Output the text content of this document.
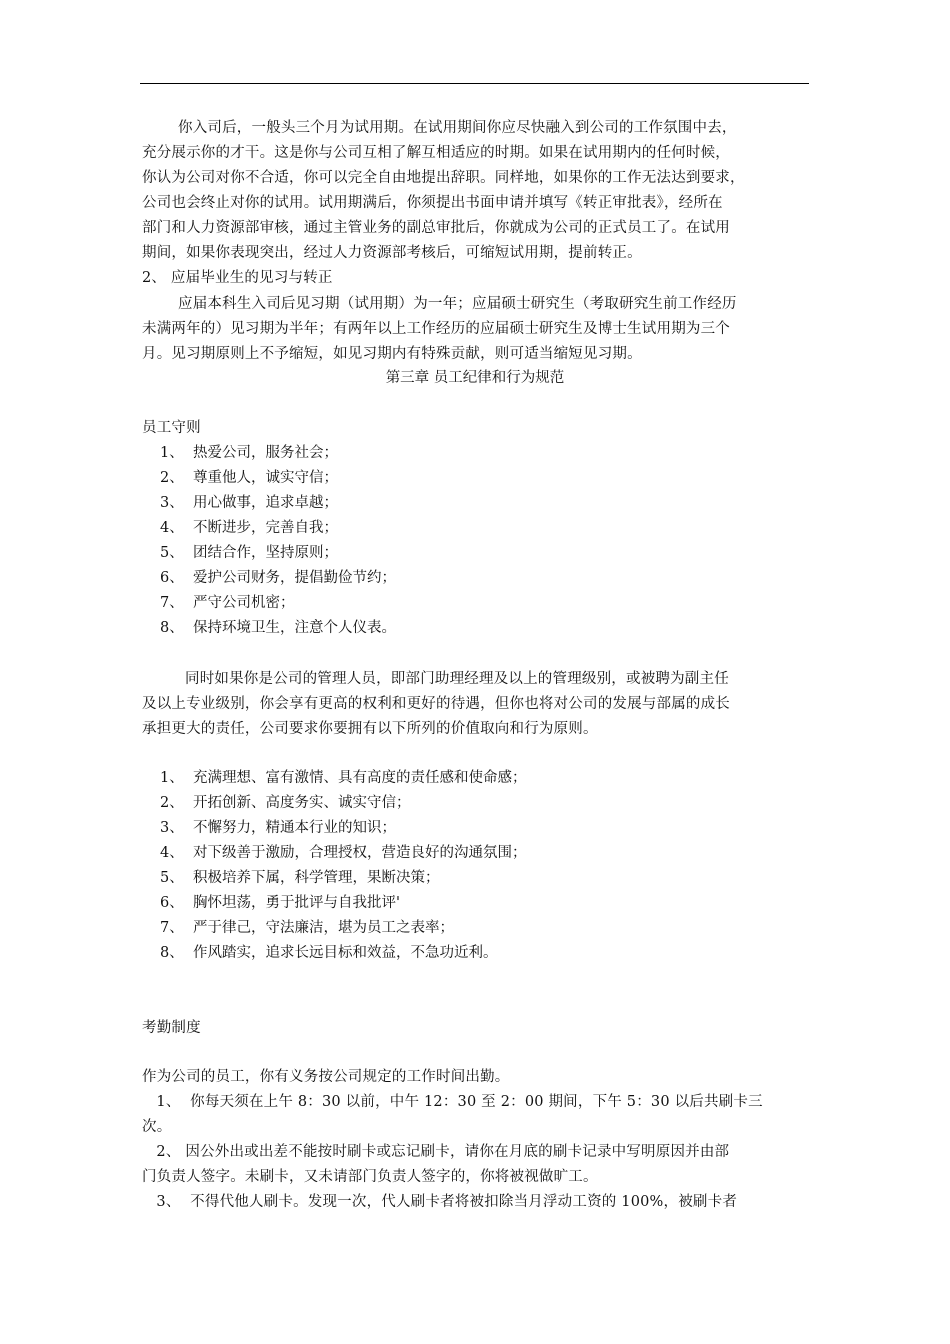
你入司后，一般头三个月为试用期。在试用期间你应尽快融入到公司的工作氛围中去，
充分展示你的才干。这是你与公司互相了解互相适应的时期。如果在试用期内的任何时候，
你认为公司对你不合适，你可以完全自由地提出辞职。同样地，如果你的工作无法达到要求，
公司也会终止对你的试用。试用期满后，你须提出书面申请并填写《转正审批表》，经所在
部门和人力资源部审核，通过主管业务的副总审批后，你就成为公司的正式员工了。在试用
期间，如果你表现突出，经过人力资源部考核后，可缩短试用期，提前转正。
2、 应届毕业生的见习与转正
应届本科生入司后见习期（试用期）为一年；应届硕士研究生（考取研究生前工作经历
未满两年的）见习期为半年；有两年以上工作经历的应届硕士研究生及博士生试用期为三个
月。见习期原则上不予缩短，如见习期内有特殊贡献，则可适当缩短见习期。
第三章 员工纪律和行为规范
员工守则
1、 热爱公司，服务社会；
2、 尊重他人，诚实守信；
3、 用心做事，追求卓越；
4、 不断进步，完善自我；
5、 团结合作，坚持原则；
6、 爱护公司财务，提倡勤俭节约；
7、 严守公司机密；
8、 保持环境卫生，注意个人仪表。
同时如果你是公司的管理人员，即部门助理经理及以上的管理级别，或被聘为副主任
及以上专业级别，你会享有更高的权利和更好的待遇，但你也将对公司的发展与部属的成长
承担更大的责任，公司要求你要拥有以下所列的价值取向和行为原则。
1、 充满理想、富有激情、具有高度的责任感和使命感；
2、 开拓创新、高度务实、诚实守信；
3、 不懈努力，精通本行业的知识；
4、 对下级善于激励，合理授权，营造良好的沟通氛围；
5、 积极培养下属，科学管理，果断决策；
6、 胸怀坦荡，勇于批评与自我批评'
7、 严于律己，守法廉洁，堪为员工之表率；
8、 作风踏实，追求长远目标和效益，不急功近利。
考勤制度
作为公司的员工，你有义务按公司规定的工作时间出勤。
1、  你每天须在上午 8：30 以前，中午 12：30 至 2：00 期间，下午 5：30 以后共刷卡三
次。
2、 因公外出或出差不能按时刷卡或忘记刷卡，请你在月底的刷卡记录中写明原因并由部
门负责人签字。未刷卡，又未请部门负责人签字的，你将被视做旷工。
3、  不得代他人刷卡。发现一次，代人刷卡者将被扣除当月浮动工资的 100%，被刷卡者
